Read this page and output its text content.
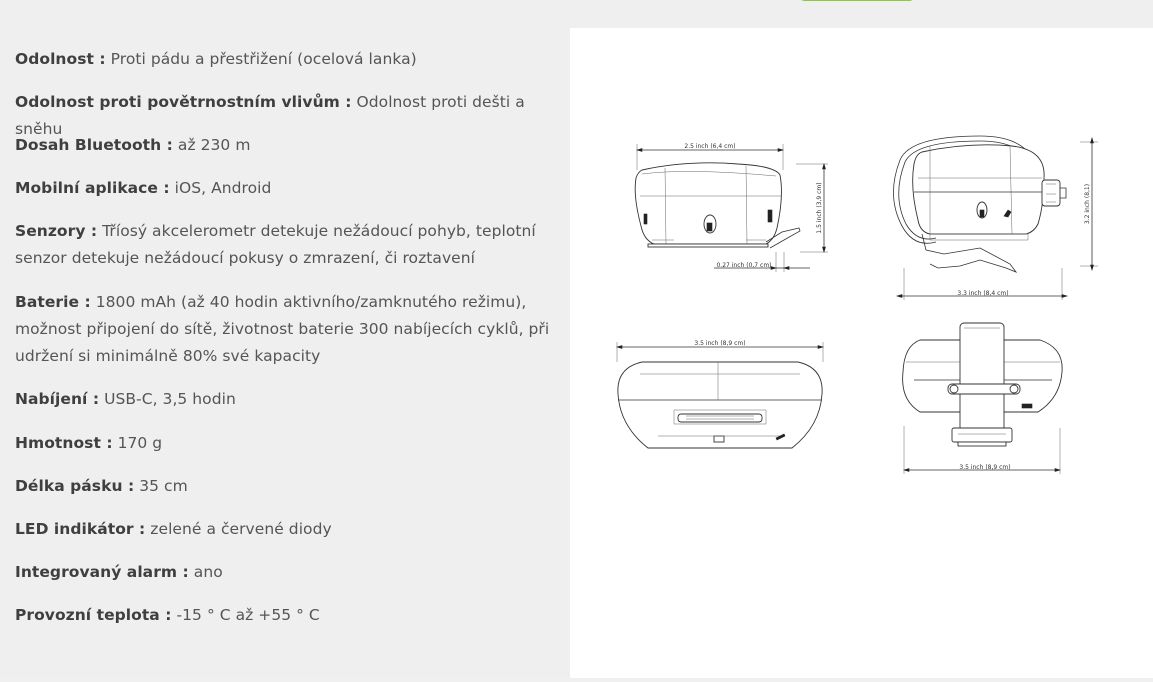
Odolnost : Proti pádu a přestřižení (ocelová lanka)
Odolnost proti povětrnostním vlivům : Odolnost proti dešti a sněhu
Dosah Bluetooth : až 230 m
Mobilní aplikace : iOS, Android
Senzory : Tříosý akcelerometr detekuje nežádoucí pohyb, teplotní senzor detekuje nežádoucí pokusy o zmrazení, či roztavení
Baterie : 1800 mAh (až 40 hodin aktivního/zamknutého režimu), možnost připojení do sítě, životnost baterie 300 nabíjecích cyklů, při udržení si minimálně 80% své kapacity
Nabíjení : USB-C, 3,5 hodin
Hmotnost : 170 g
Délka pásku : 35 cm
LED indikátor : zelené a červené diody
Integrovaný alarm : ano
Provozní teplota : -15 ° C až +55 ° C
2.5 inch (6,4 cm)
1.5 inch (3,9 cm)
0.27 inch (0,7 cm)
3.2 inch (8,1)
3.3 inch (8,4 cm)
3.5 inch (8,9 cm)
3.5 inch (8,9 cm)
